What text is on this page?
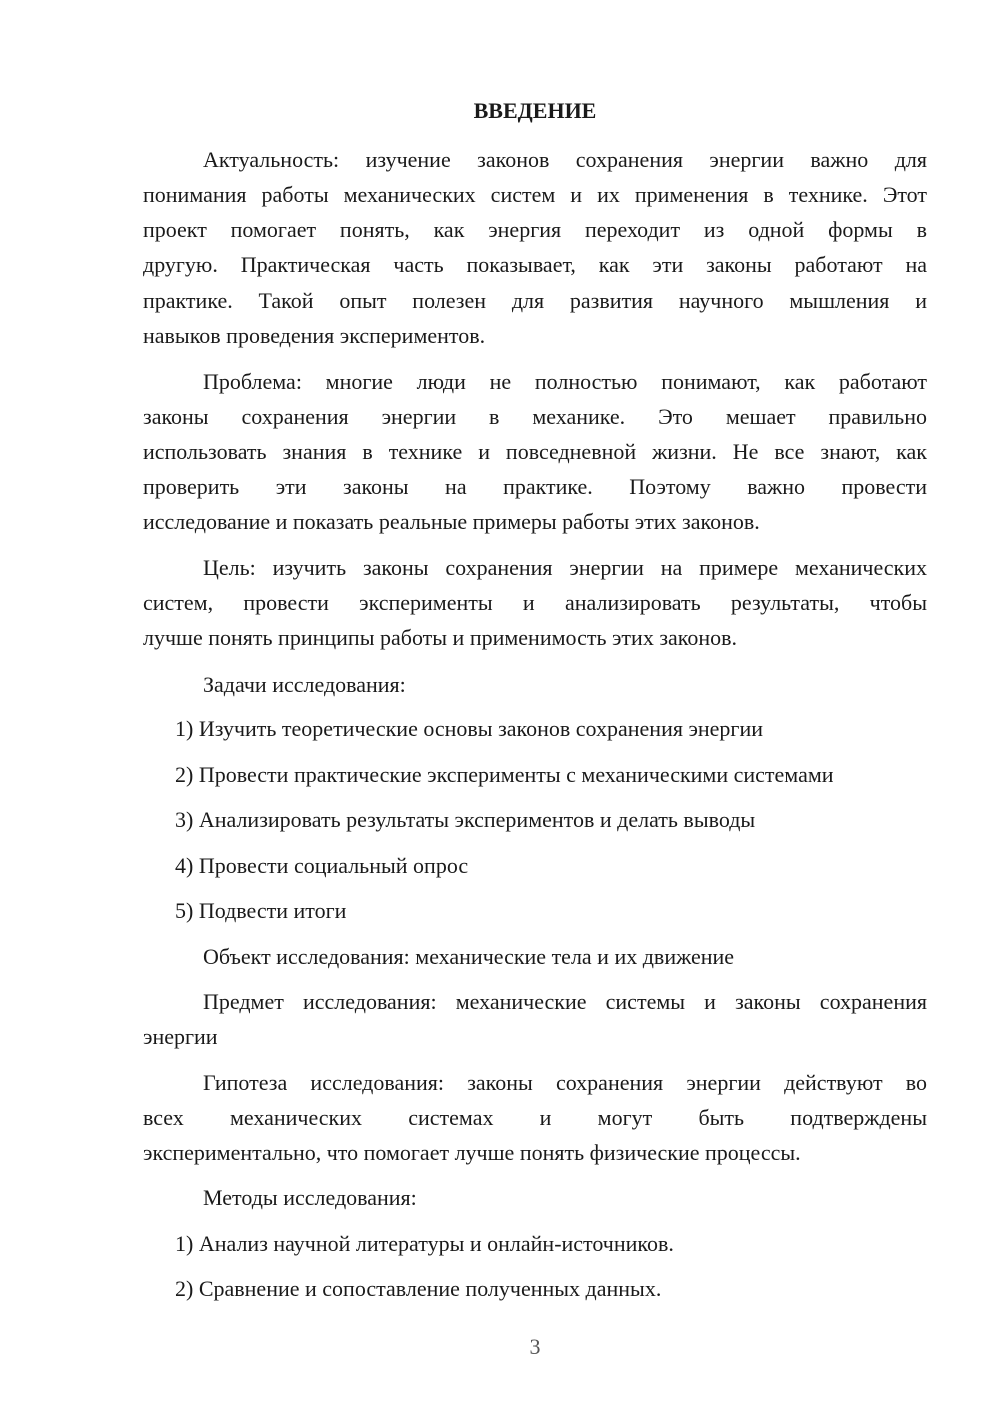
ВВЕДЕНИЕ
Актуальность: изучение законов сохранения энергии важно для
понимания работы механических систем и их применения в технике. Этот
проект помогает понять, как энергия переходит из одной формы в
другую. Практическая часть показывает, как эти законы работают на
практике. Такой опыт полезен для развития научного мышления и
навыков проведения экспериментов.
Проблема: многие люди не полностью понимают, как работают
законы сохранения энергии в механике. Это мешает правильно
использовать знания в технике и повседневной жизни. Не все знают, как
проверить эти законы на практике. Поэтому важно провести
исследование и показать реальные примеры работы этих законов.
Цель: изучить законы сохранения энергии на примере механических
систем, провести эксперименты и анализировать результаты, чтобы
лучше понять принципы работы и применимость этих законов.
Задачи исследования:
1) Изучить теоретические основы законов сохранения энергии
2) Провести практические эксперименты с механическими системами
3) Анализировать результаты экспериментов и делать выводы
4) Провести социальный опрос
5) Подвести итоги
Объект исследования: механические тела и их движение
Предмет исследования: механические системы и законы сохранения
энергии
Гипотеза исследования: законы сохранения энергии действуют во
всех механических системах и могут быть подтверждены
экспериментально, что помогает лучше понять физические процессы.
Методы исследования:
1) Анализ научной литературы и онлайн-источников.
2) Сравнение и сопоставление полученных данных.
3
